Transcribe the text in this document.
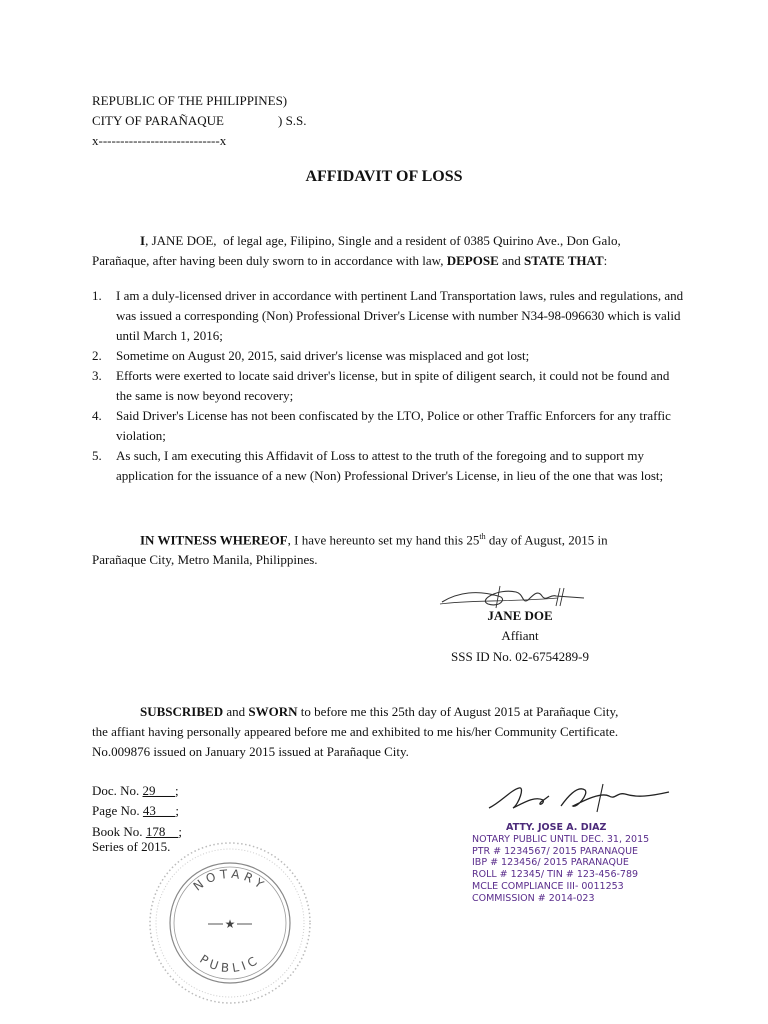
REPUBLIC OF THE PHILIPPINES)
CITY OF PARAÑAQUE	) S.S.
x----------------------------x
AFFIDAVIT OF LOSS
I, JANE DOE, of legal age, Filipino, Single and a resident of 0385 Quirino Ave., Don Galo,
Parañaque, after having been duly sworn to in accordance with law, DEPOSE and STATE THAT:
1. I am a duly-licensed driver in accordance with pertinent Land Transportation laws, rules and regulations, and was issued a corresponding (Non) Professional Driver's License with number N34-98-096630 which is valid until March 1, 2016;
2. Sometime on August 20, 2015, said driver's license was misplaced and got lost;
3. Efforts were exerted to locate said driver's license, but in spite of diligent search, it could not be found and the same is now beyond recovery;
4. Said Driver's License has not been confiscated by the LTO, Police or other Traffic Enforcers for any traffic violation;
5. As such, I am executing this Affidavit of Loss to attest to the truth of the foregoing and to support my application for the issuance of a new (Non) Professional Driver's License, in lieu of the one that was lost;
IN WITNESS WHEREOF, I have hereunto set my hand this 25th day of August, 2015 in
Parañaque City, Metro Manila, Philippines.
JANE DOE
Affiant
SSS ID No. 02-6754289-9
SUBSCRIBED and SWORN to before me this 25th day of August 2015 at Parañaque City,
the affiant having personally appeared before me and exhibited to me his/her Community Certificate.
No.009876 issued on January 2015 issued at Parañaque City.
Doc. No. 29___;
Page No. 43___;
Book No. 178__;
Series of 2015.
NOTARY
PUBLIC
★
ATTY. JOSE A. DIAZ
NOTARY PUBLIC UNTIL DEC. 31, 2015
PTR # 1234567/ 2015 PARANAQUE
IBP # 123456/ 2015 PARANAQUE
ROLL # 12345/ TIN # 123-456-789
MCLE COMPLIANCE III- 0011253
COMMISSION # 2014-023
